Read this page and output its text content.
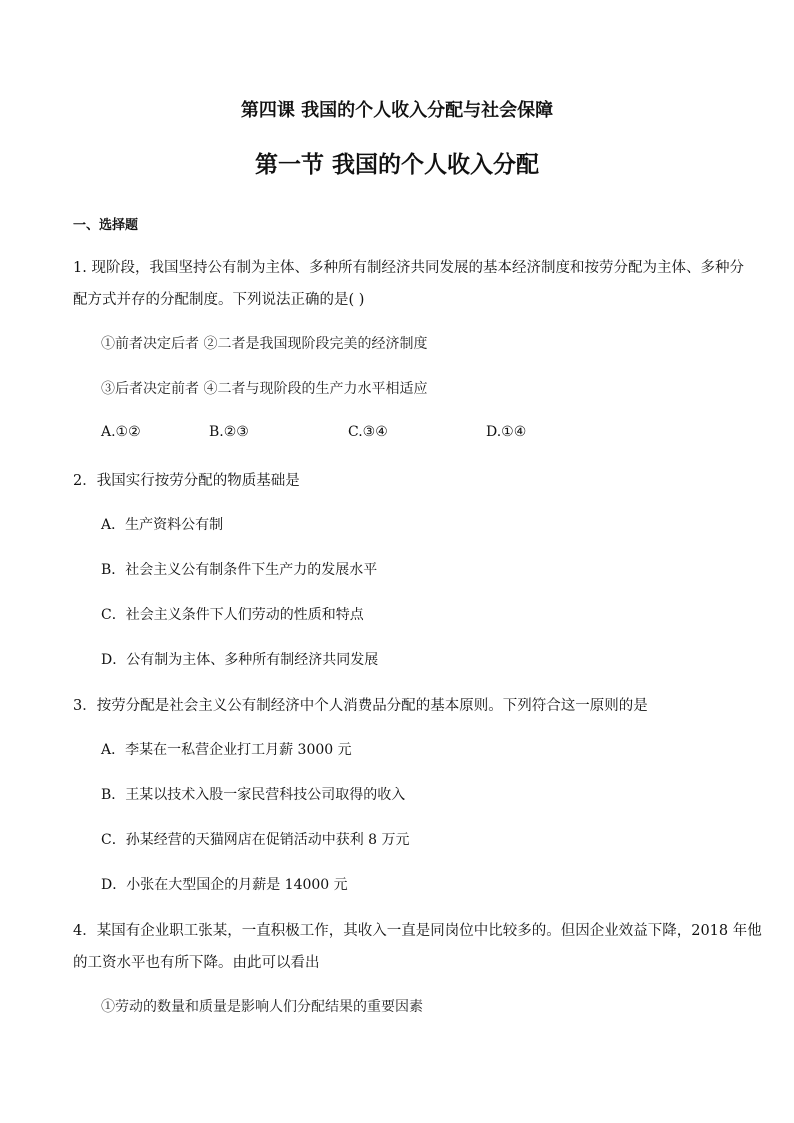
第四课 我国的个人收入分配与社会保障
第一节 我国的个人收入分配
一、选择题
1. 现阶段，我国坚持公有制为主体、多种所有制经济共同发展的基本经济制度和按劳分配为主体、多种分
配方式并存的分配制度。下列说法正确的是( )
①前者决定后者 ②二者是我国现阶段完美的经济制度
③后者决定前者 ④二者与现阶段的生产力水平相适应
A.①②	B.②③	C.③④	D.①④
2．我国实行按劳分配的物质基础是
A．生产资料公有制
B．社会主义公有制条件下生产力的发展水平
C．社会主义条件下人们劳动的性质和特点
D．公有制为主体、多种所有制经济共同发展
3．按劳分配是社会主义公有制经济中个人消费品分配的基本原则。下列符合这一原则的是
A．李某在一私营企业打工月薪 3000 元
B．王某以技术入股一家民营科技公司取得的收入
C．孙某经营的天猫网店在促销活动中获利 8 万元
D．小张在大型国企的月薪是 14000 元
4．某国有企业职工张某，一直积极工作，其收入一直是同岗位中比较多的。但因企业效益下降，2018 年他
的工资水平也有所下降。由此可以看出
①劳动的数量和质量是影响人们分配结果的重要因素
